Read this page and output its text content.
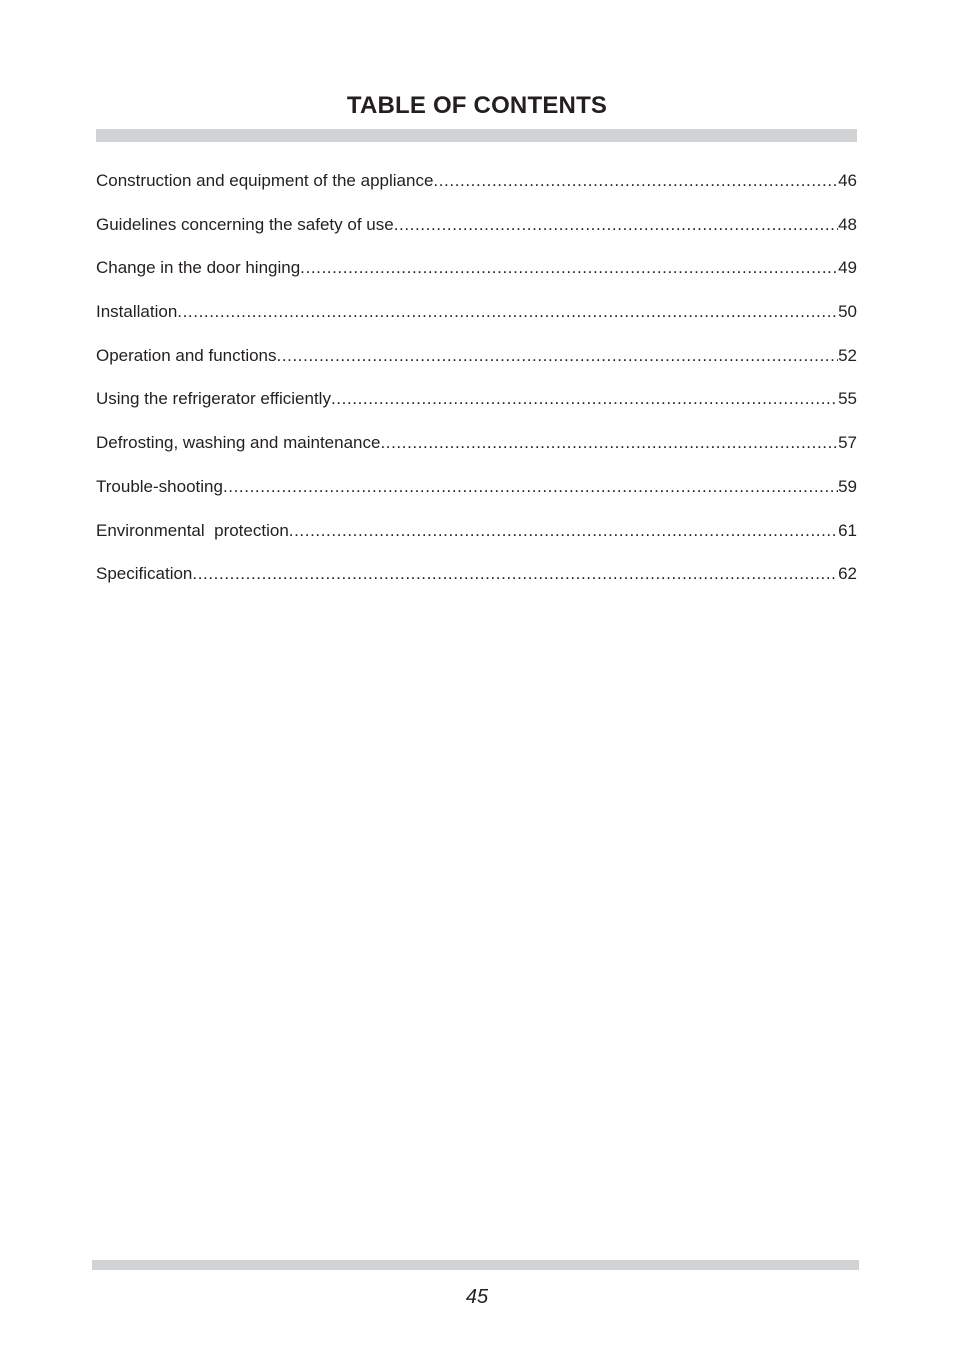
TABLE OF CONTENTS
Construction and equipment of the appliance .....	46
Guidelines concerning the safety of use .....	48
Change in the door hinging .....	49
Installation .....	50
Operation and functions .....	52
Using the refrigerator efficiently .....	55
Defrosting, washing and maintenance .....	57
Trouble-shooting .....	59
Environmental  protection .....	61
Specification .....	62
45
